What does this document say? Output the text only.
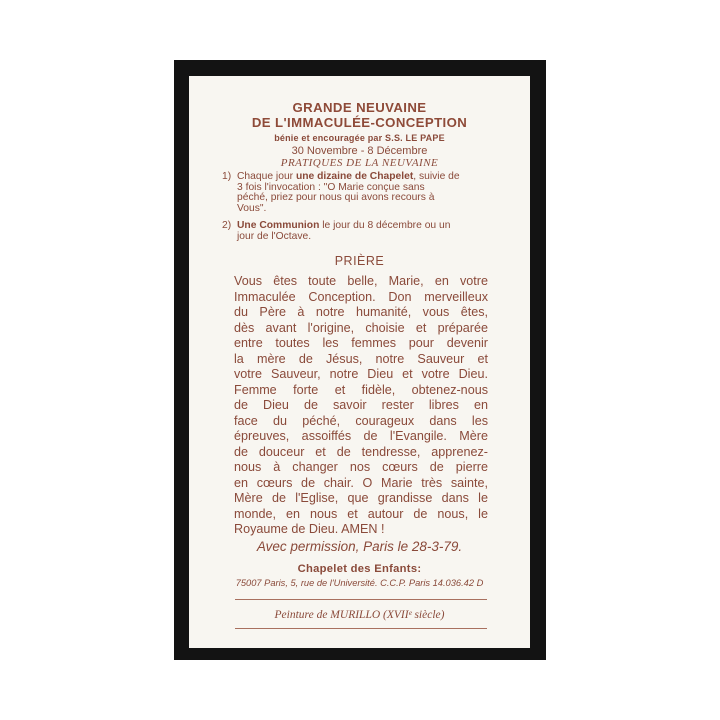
GRANDE NEUVAINE
DE L'IMMACULÉE-CONCEPTION
bénie et encouragée par S.S. LE PAPE
30 Novembre - 8 Décembre
PRATIQUES DE LA NEUVAINE
1) Chaque jour une dizaine de Chapelet, suivie de
3 fois l'invocation : "O Marie conçue sans
péché, priez pour nous qui avons recours à
Vous".
2) Une Communion le jour du 8 décembre ou un
jour de l'Octave.
PRIÈRE
Vous êtes toute belle, Marie, en votre
Immaculée Conception. Don merveilleux
du Père à notre humanité, vous êtes,
dès avant l'origine, choisie et préparée
entre toutes les femmes pour devenir
la mère de Jésus, notre Sauveur et
votre Sauveur, notre Dieu et votre Dieu.
Femme forte et fidèle, obtenez-nous
de Dieu de savoir rester libres en
face du péché, courageux dans les
épreuves, assoiffés de l'Evangile. Mère
de douceur et de tendresse, apprenez-
nous à changer nos cœurs de pierre
en cœurs de chair. O Marie très sainte,
Mère de l'Eglise, que grandisse dans le
monde, en nous et autour de nous, le
Royaume de Dieu. AMEN !
Avec permission, Paris le 28-3-79.
Chapelet des Enfants:
75007 Paris, 5, rue de l'Université. C.C.P. Paris 14.036.42 D
Peinture de MURILLO (XVIIᵉ siècle)
